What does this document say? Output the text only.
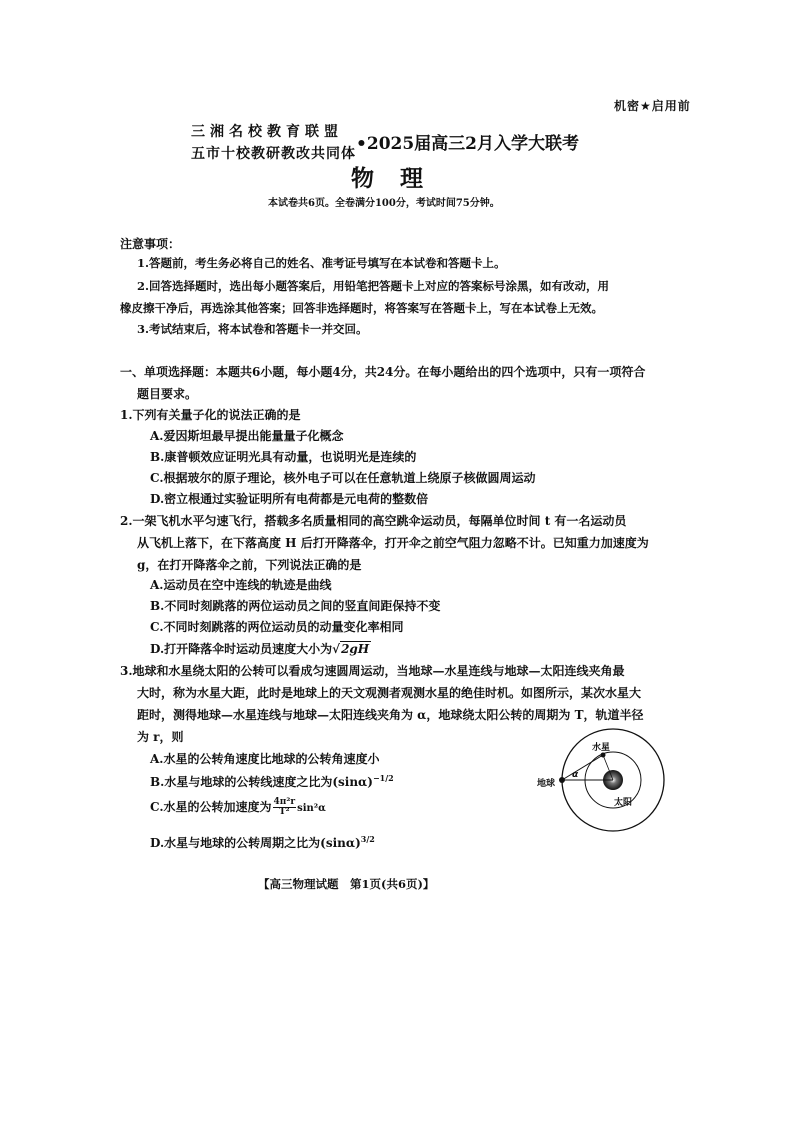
机密★启用前
三湘名校教育联盟
五市十校教研教改共同体 •2025届高三2月入学大联考
物理
本试卷共6页。全卷满分100分，考试时间75分钟。
注意事项：
1.答题前，考生务必将自己的姓名、准考证号填写在本试卷和答题卡上。
2.回答选择题时，选出每小题答案后，用铅笔把答题卡上对应的答案标号涂黑，如有改动，用
橡皮擦干净后，再选涂其他答案；回答非选择题时，将答案写在答题卡上，写在本试卷上无效。
3.考试结束后，将本试卷和答题卡一并交回。
一、单项选择题：本题共6小题，每小题4分，共24分。在每小题给出的四个选项中，只有一项符合
题目要求。
1.下列有关量子化的说法正确的是
A.爱因斯坦最早提出能量量子化概念
B.康普顿效应证明光具有动量，也说明光是连续的
C.根据玻尔的原子理论，核外电子可以在任意轨道上绕原子核做圆周运动
D.密立根通过实验证明所有电荷都是元电荷的整数倍
2.一架飞机水平匀速飞行，搭载多名质量相同的高空跳伞运动员，每隔单位时间 t 有一名运动员
从飞机上落下，在下落高度 H 后打开降落伞，打开伞之前空气阻力忽略不计。已知重力加速度为
g，在打开降落伞之前，下列说法正确的是
A.运动员在空中连线的轨迹是曲线
B.不同时刻跳落的两位运动员之间的竖直间距保持不变
C.不同时刻跳落的两位运动员的动量变化率相同
D.打开降落伞时运动员速度大小为√2gH
3.地球和水星绕太阳的公转可以看成匀速圆周运动，当地球—水星连线与地球—太阳连线夹角最
大时，称为水星大距，此时是地球上的天文观测者观测水星的绝佳时机。如图所示，某次水星大
距时，测得地球—水星连线与地球—太阳连线夹角为 α，地球绕太阳公转的周期为 T，轨道半径
为 r，则
A.水星的公转角速度比地球的公转角速度小
B.水星与地球的公转线速度之比为$(\sin\alpha)^{-1/2}$
C.水星的公转加速度为 $\frac{\text{4π²r}}{\text{T²}} \sin^2\alpha$
D.水星与地球的公转周期之比为$(\sin\alpha)^{3/2}$
水星
地球
太阳
α
【高三物理试题　第1页(共6页)】
